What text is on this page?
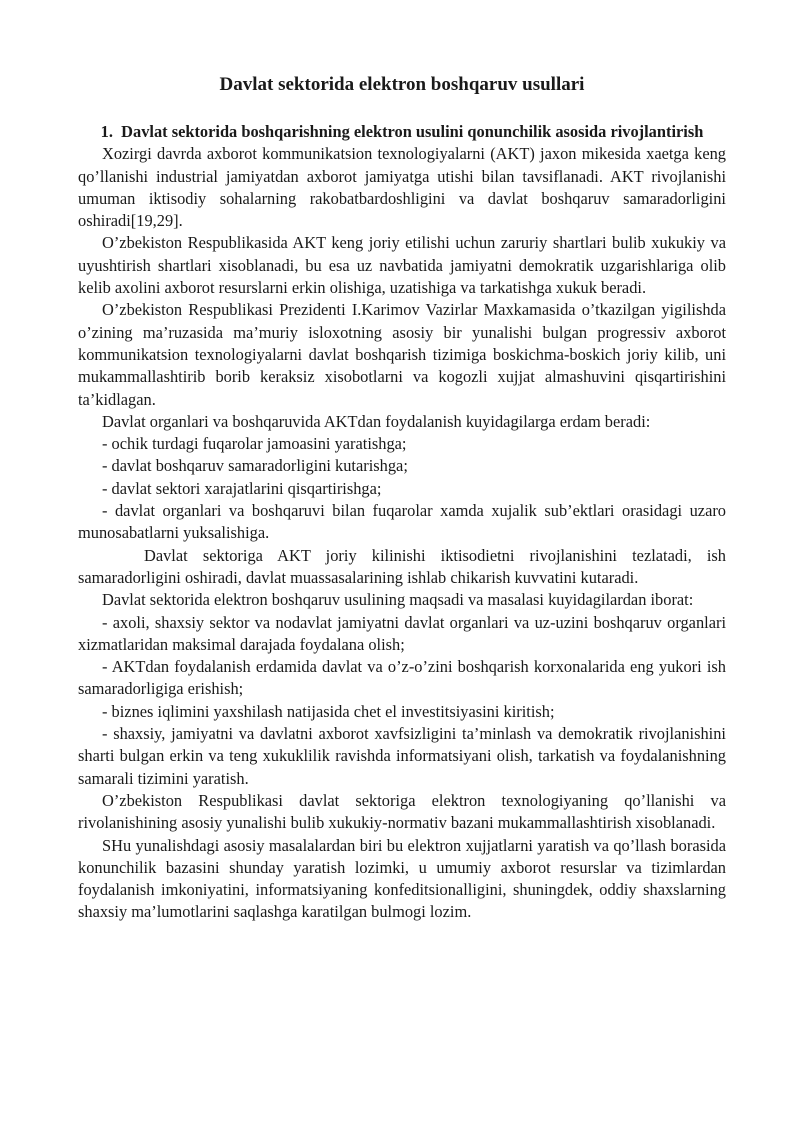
Davlat sektorida elektron boshqaruv usullari
1. Davlat sektorida boshqarishning elektron usulini qonunchilik asosida rivojlantirish

Xozirgi davrda axborot kommunikatsion texnologiyalarni (AKT) jaxon mikesida xaetga keng qo’llanishi industrial jamiyatdan axborot jamiyatga utishi bilan tavsiflanadi. AKT rivojlanishi umuman iktisodiy sohalarning rakobatbardoshligini va davlat boshqaruv samaradorligini oshiradi[19,29].

O’zbekiston Respublikasida AKT keng joriy etilishi uchun zaruriy shartlari bulib xukukiy va uyushtirish shartlari xisoblanadi, bu esa uz navbatida jamiyatni demokratik uzgarishlariga olib kelib axolini axborot resurslarni erkin olishiga, uzatishiga va tarkatishga xukuk beradi.

O’zbekiston Respublikasi Prezidenti I.Karimov Vazirlar Maxkamasida o’tkazilgan yigilishda o’zining ma’ruzasida ma’muriy isloxotning asosiy bir yunalishi bulgan progressiv axborot kommunikatsion texnologiyalarni davlat boshqarish tizimiga boskichma-boskich joriy kilib, uni mukammallashtirib borib keraksiz xisobotlarni va kogozli xujjat almashuvini qisqartirishini ta’kidlagan.

Davlat organlari va boshqaruvida AKTdan foydalanish kuyidagilarga erdam beradi:

- ochik turdagi fuqarolar jamoasini yaratishga;
- davlat boshqaruv samaradorligini kutarishga;
- davlat sektori xarajatlarini qisqartirishga;
- davlat organlari va boshqaruvi bilan fuqarolar xamda xujalik sub’ektlari orasidagi uzaro munosabatlarni yuksalishiga.

Davlat sektoriga AKT joriy kilinishi iktisodietni rivojlanishini tezlatadi, ish samaradorligini oshiradi, davlat muassasalarining ishlab chikarish kuvvatini kutaradi.

Davlat sektorida elektron boshqaruv usulining maqsadi va masalasi kuyidagilardan iborat:

- axoli, shaxsiy sektor va nodavlat jamiyatni davlat organlari va uz-uzini boshqaruv organlari xizmatlaridan maksimal darajada foydalana olish;
- AKTdan foydalanish erdamida davlat va o’z-o’zini boshqarish korxonalarida eng yukori ish samaradorligiga erishish;
- biznes iqlimini yaxshilash natijasida chet el investitsiyasini kiritish;
- shaxsiy, jamiyatni va davlatni axborot xavfsizligini ta’minlash va demokratik rivojlanishini sharti bulgan erkin va teng xukuklilik ravishda informatsiyani olish, tarkatish va foydalanishning samarali tizimini yaratish.

O’zbekiston Respublikasi davlat sektoriga elektron texnologiyaning qo’llanishi va rivolanishining asosiy yunalishi bulib xukukiy-normativ bazani mukammallashtirish xisoblanadi.

SHu yunalishdagi asosiy masalalardan biri bu elektron xujjatlarni yaratish va qo’llash borasida konunchilik bazasini shunday yaratish lozimki, u umumiy axborot resurslar va tizimlardan foydalanish imkoniyatini, informatsiyaning konfeditsionalligini, shuningdek, oddiy shaxslarning shaxsiy ma’lumotlarini saqlashga karatilgan bulmogi lozim.
